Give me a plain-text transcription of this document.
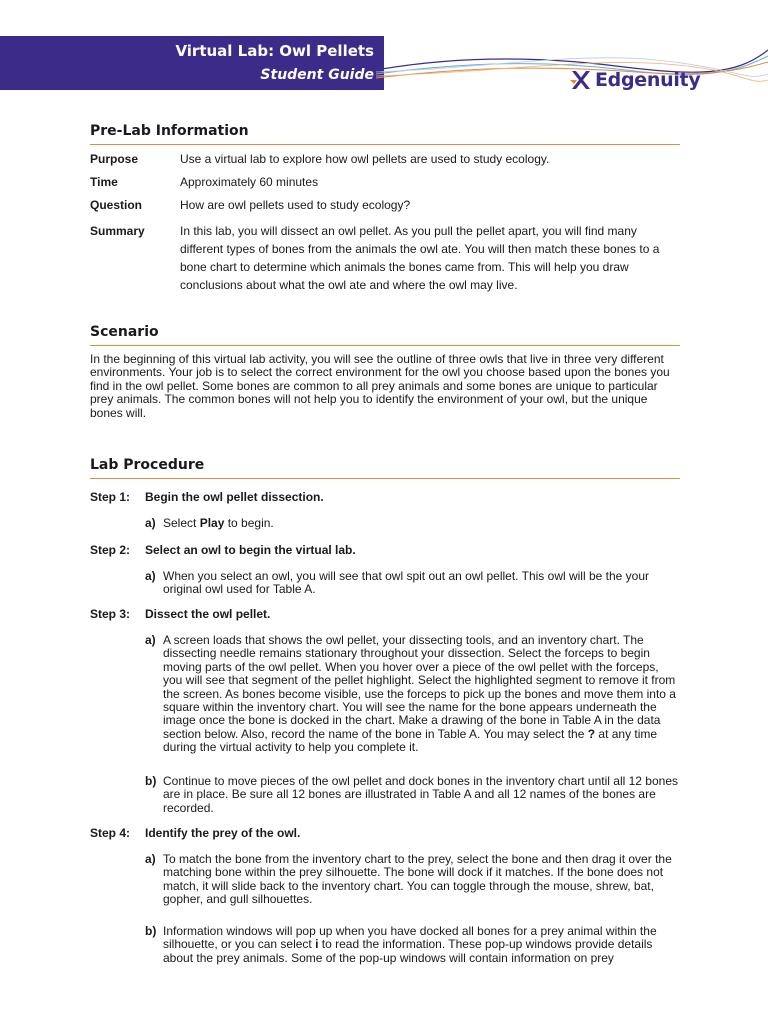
Virtual Lab: Owl Pellets
Student Guide	Edgenuity
Pre-Lab Information
Purpose	Use a virtual lab to explore how owl pellets are used to study ecology.
Time	Approximately 60 minutes
Question	How are owl pellets used to study ecology?
Summary	In this lab, you will dissect an owl pellet. As you pull the pellet apart, you will find many different types of bones from the animals the owl ate. You will then match these bones to a bone chart to determine which animals the bones came from. This will help you draw conclusions about what the owl ate and where the owl may live.
Scenario
In the beginning of this virtual lab activity, you will see the outline of three owls that live in three very different environments. Your job is to select the correct environment for the owl you choose based upon the bones you find in the owl pellet. Some bones are common to all prey animals and some bones are unique to particular prey animals. The common bones will not help you to identify the environment of your owl, but the unique bones will.
Lab Procedure
Step 1: Begin the owl pellet dissection.
a) Select Play to begin.
Step 2: Select an owl to begin the virtual lab.
a) When you select an owl, you will see that owl spit out an owl pellet. This owl will be the your original owl used for Table A.
Step 3: Dissect the owl pellet.
a) A screen loads that shows the owl pellet, your dissecting tools, and an inventory chart. The dissecting needle remains stationary throughout your dissection. Select the forceps to begin moving parts of the owl pellet. When you hover over a piece of the owl pellet with the forceps, you will see that segment of the pellet highlight. Select the highlighted segment to remove it from the screen. As bones become visible, use the forceps to pick up the bones and move them into a square within the inventory chart. You will see the name for the bone appears underneath the image once the bone is docked in the chart. Make a drawing of the bone in Table A in the data section below. Also, record the name of the bone in Table A. You may select the ? at any time during the virtual activity to help you complete it.
b) Continue to move pieces of the owl pellet and dock bones in the inventory chart until all 12 bones are in place. Be sure all 12 bones are illustrated in Table A and all 12 names of the bones are recorded.
Step 4: Identify the prey of the owl.
a) To match the bone from the inventory chart to the prey, select the bone and then drag it over the matching bone within the prey silhouette. The bone will dock if it matches. If the bone does not match, it will slide back to the inventory chart. You can toggle through the mouse, shrew, bat, gopher, and gull silhouettes.
b) Information windows will pop up when you have docked all bones for a prey animal within the silhouette, or you can select i to read the information. These pop-up windows provide details about the prey animals. Some of the pop-up windows will contain information on prey
